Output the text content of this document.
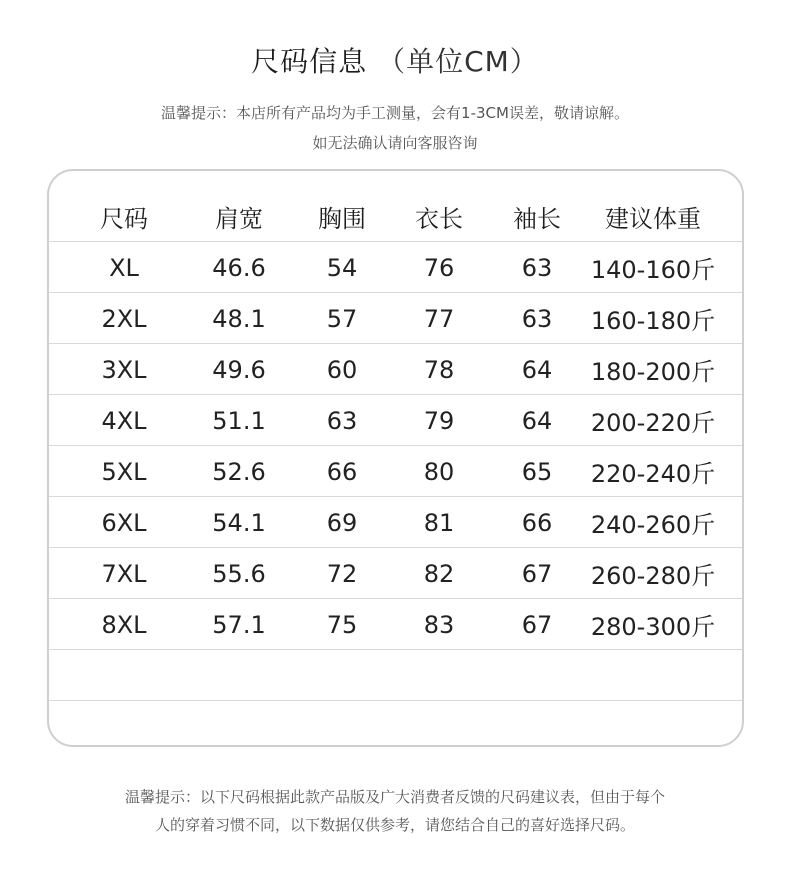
尺码信息 （单位CM）
温馨提示：本店所有产品均为手工测量，会有1-3CM误差，敬请谅解。
如无法确认请向客服咨询
尺码	肩宽	胸围	衣长	袖长	建议体重
XL	46.6	54	76	63	140-160斤
2XL	48.1	57	77	63	160-180斤
3XL	49.6	60	78	64	180-200斤
4XL	51.1	63	79	64	200-220斤
5XL	52.6	66	80	65	220-240斤
6XL	54.1	69	81	66	240-260斤
7XL	55.6	72	82	67	260-280斤
8XL	57.1	75	83	67	280-300斤
温馨提示：以下尺码根据此款产品版及广大消费者反馈的尺码建议表，但由于每个
人的穿着习惯不同，以下数据仅供参考，请您结合自己的喜好选择尺码。
